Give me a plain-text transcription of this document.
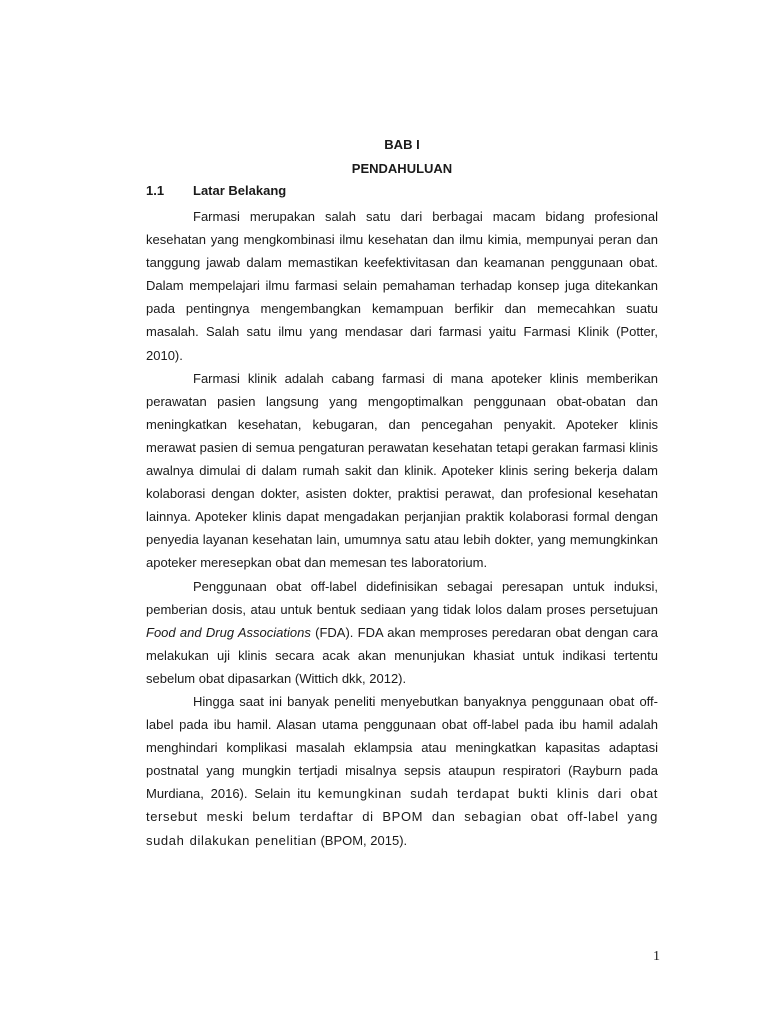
BAB I
PENDAHULUAN
1.1 Latar Belakang

Farmasi merupakan salah satu dari berbagai macam bidang profesional kesehatan yang mengkombinasi ilmu kesehatan dan ilmu kimia, mempunyai peran dan tanggung jawab dalam memastikan keefektivitasan dan keamanan penggunaan obat. Dalam mempelajari ilmu farmasi selain pemahaman terhadap konsep juga ditekankan pada pentingnya mengembangkan kemampuan berfikir dan memecahkan suatu masalah. Salah satu ilmu yang mendasar dari farmasi yaitu Farmasi Klinik (Potter, 2010).

Farmasi klinik adalah cabang farmasi di mana apoteker klinis memberikan perawatan pasien langsung yang mengoptimalkan penggunaan obat-obatan dan meningkatkan kesehatan, kebugaran, dan pencegahan penyakit. Apoteker klinis merawat pasien di semua pengaturan perawatan kesehatan tetapi gerakan farmasi klinis awalnya dimulai di dalam rumah sakit dan klinik. Apoteker klinis sering bekerja dalam kolaborasi dengan dokter, asisten dokter, praktisi perawat, dan profesional kesehatan lainnya. Apoteker klinis dapat mengadakan perjanjian praktik kolaborasi formal dengan penyedia layanan kesehatan lain, umumnya satu atau lebih dokter, yang memungkinkan apoteker meresepkan obat dan memesan tes laboratorium.

Penggunaan obat off-label didefinisikan sebagai peresapan untuk induksi, pemberian dosis, atau untuk bentuk sediaan yang tidak lolos dalam proses persetujuan Food and Drug Associations (FDA). FDA akan memproses peredaran obat dengan cara melakukan uji klinis secara acak akan menunjukan khasiat untuk indikasi tertentu sebelum obat dipasarkan (Wittich dkk, 2012).

Hingga saat ini banyak peneliti menyebutkan banyaknya penggunaan obat off-label pada ibu hamil. Alasan utama penggunaan obat off-label pada ibu hamil adalah menghindari komplikasi masalah eklampsia atau meningkatkan kapasitas adaptasi postnatal yang mungkin tertjadi misalnya sepsis ataupun respiratori (Rayburn pada Murdiana, 2016). Selain itu kemungkinan sudah terdapat bukti klinis dari obat tersebut meski belum terdaftar di BPOM dan sebagian obat off-label yang sudah dilakukan penelitian (BPOM, 2015).

1
